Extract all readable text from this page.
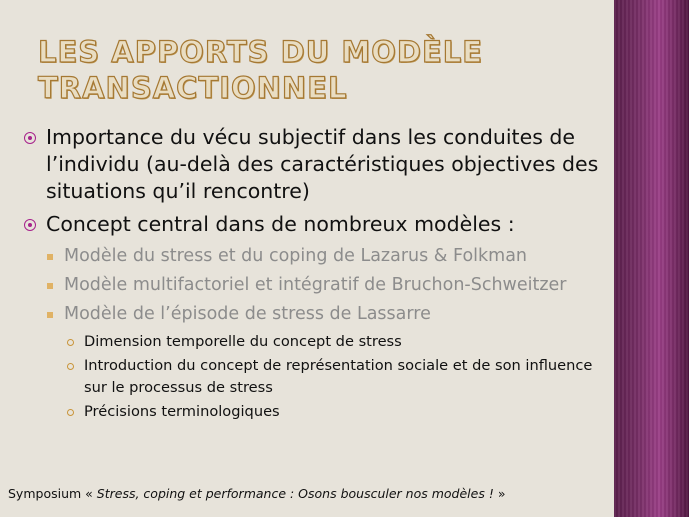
LES APPORTS DU MODÈLE
TRANSACTIONNEL
Importance du vécu subjectif dans les conduites de l’individu (au-delà des caractéristiques objectives des situations qu’il rencontre)
Concept central dans de nombreux modèles :
Modèle du stress et du coping de Lazarus & Folkman
Modèle multifactoriel et intégratif de Bruchon-Schweitzer
Modèle de l’épisode de stress de Lassarre
Dimension temporelle du concept de stress
Introduction du concept de représentation sociale et de son influence sur le processus de stress
Précisions terminologiques
Symposium « Stress, coping et performance : Osons bousculer nos modèles ! »
